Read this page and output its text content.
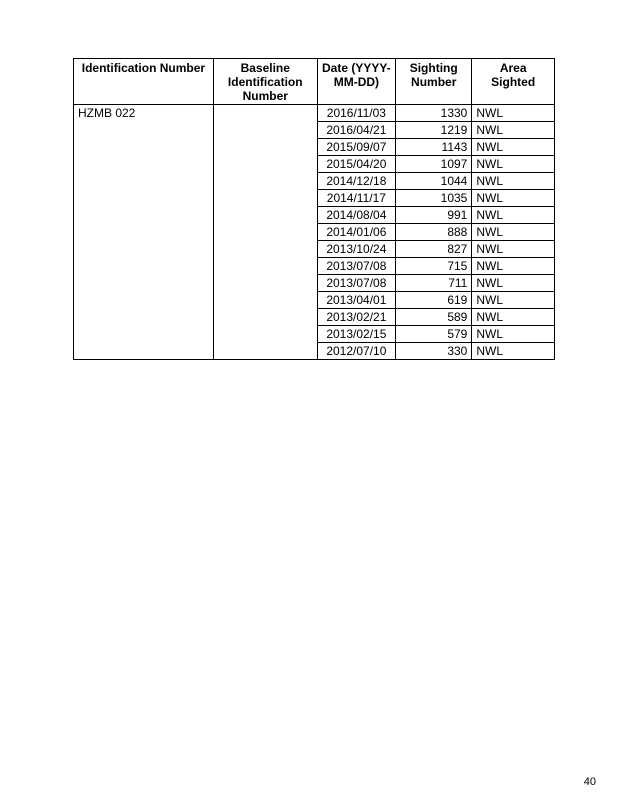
Identification Number	Baseline Identification Number	Date (YYYY-MM-DD)	Sighting Number	Area Sighted
HZMB 022		2016/11/03	1330	NWL
		2016/04/21	1219	NWL
		2015/09/07	1143	NWL
		2015/04/20	1097	NWL
		2014/12/18	1044	NWL
		2014/11/17	1035	NWL
		2014/08/04	991	NWL
		2014/01/06	888	NWL
		2013/10/24	827	NWL
		2013/07/08	715	NWL
		2013/07/08	711	NWL
		2013/04/01	619	NWL
		2013/02/21	589	NWL
		2013/02/15	579	NWL
		2012/07/10	330	NWL
40
